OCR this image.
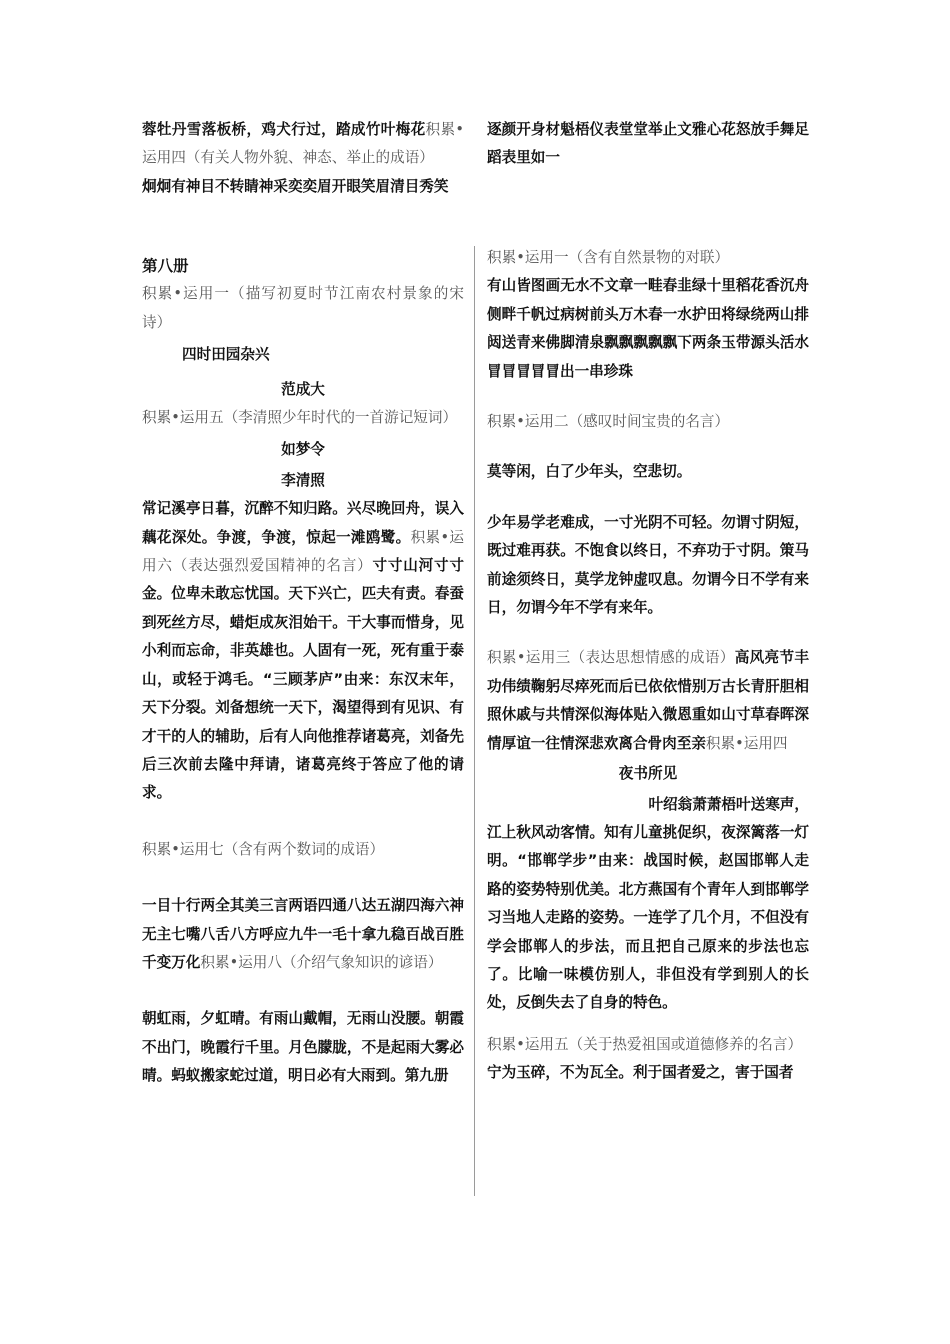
蓉牡丹雪落板桥，鸡犬行过，踏成竹叶梅花积累•运用四（有关人物外貌、神态、举止的成语）

炯炯有神目不转睛神采奕奕眉开眼笑眉清目秀笑

逐颜开身材魁梧仪表堂堂举止文雅心花怒放手舞足蹈表里如一

第八册

积累•运用一（描写初夏时节江南农村景象的宋诗）

四时田园杂兴

范成大

积累•运用五（李清照少年时代的一首游记短词）

如梦令

李清照

常记溪亭日暮，沉醉不知归路。兴尽晚回舟，误入藕花深处。争渡，争渡，惊起一滩鸥鹭。积累•运用六（表达强烈爱国精神的名言）寸寸山河寸寸金。位卑未敢忘忧国。天下兴亡，匹夫有责。春蚕到死丝方尽，蜡炬成灰泪始干。干大事而惜身，见小利而忘命，非英雄也。人固有一死，死有重于泰山，或轻于鸿毛。“三顾茅庐”由来：东汉末年，天下分裂。刘备想统一天下，渴望得到有见识、有才干的人的辅助，后有人向他推荐诸葛亮，刘备先后三次前去隆中拜请，诸葛亮终于答应了他的请求。

积累•运用七（含有两个数词的成语）

一目十行两全其美三言两语四通八达五湖四海六神无主七嘴八舌八方呼应九牛一毛十拿九稳百战百胜千变万化积累•运用八（介绍气象知识的谚语）

朝虹雨，夕虹晴。有雨山戴帽，无雨山没腰。朝霞不出门，晚霞行千里。月色朦胧，不是起雨大雾必晴。蚂蚁搬家蛇过道，明日必有大雨到。第九册

积累•运用一（含有自然景物的对联）

有山皆图画无水不文章一畦春韭绿十里稻花香沉舟侧畔千帆过病树前头万木春一水护田将绿绕两山排闼送青来佛脚清泉飘飘飘飘飘下两条玉带源头活水冒冒冒冒冒出一串珍珠

积累•运用二（感叹时间宝贵的名言）

莫等闲，白了少年头，空悲切。

少年易学老难成，一寸光阴不可轻。勿谓寸阴短，既过难再获。不饱食以终日，不弃功于寸阴。策马前途须终日，莫学龙钟虚叹息。勿谓今日不学有来日，勿谓今年不学有来年。

积累•运用三（表达思想情感的成语）高风亮节丰功伟绩鞠躬尽瘁死而后已依依惜别万古长青肝胆相照休戚与共情深似海体贴入微恩重如山寸草春晖深情厚谊一往情深悲欢离合骨肉至亲积累•运用四

夜书所见

叶绍翁萧萧梧叶送寒声，

江上秋风动客情。知有儿童挑促织，夜深篱落一灯明。“邯郸学步”由来：战国时候，赵国邯郸人走路的姿势特别优美。北方燕国有个青年人到邯郸学习当地人走路的姿势。一连学了几个月，不但没有学会邯郸人的步法，而且把自己原来的步法也忘了。比喻一味模仿别人，非但没有学到别人的长处，反倒失去了自身的特色。

积累•运用五（关于热爱祖国或道德修养的名言）

宁为玉碎，不为瓦全。利于国者爱之，害于国者
